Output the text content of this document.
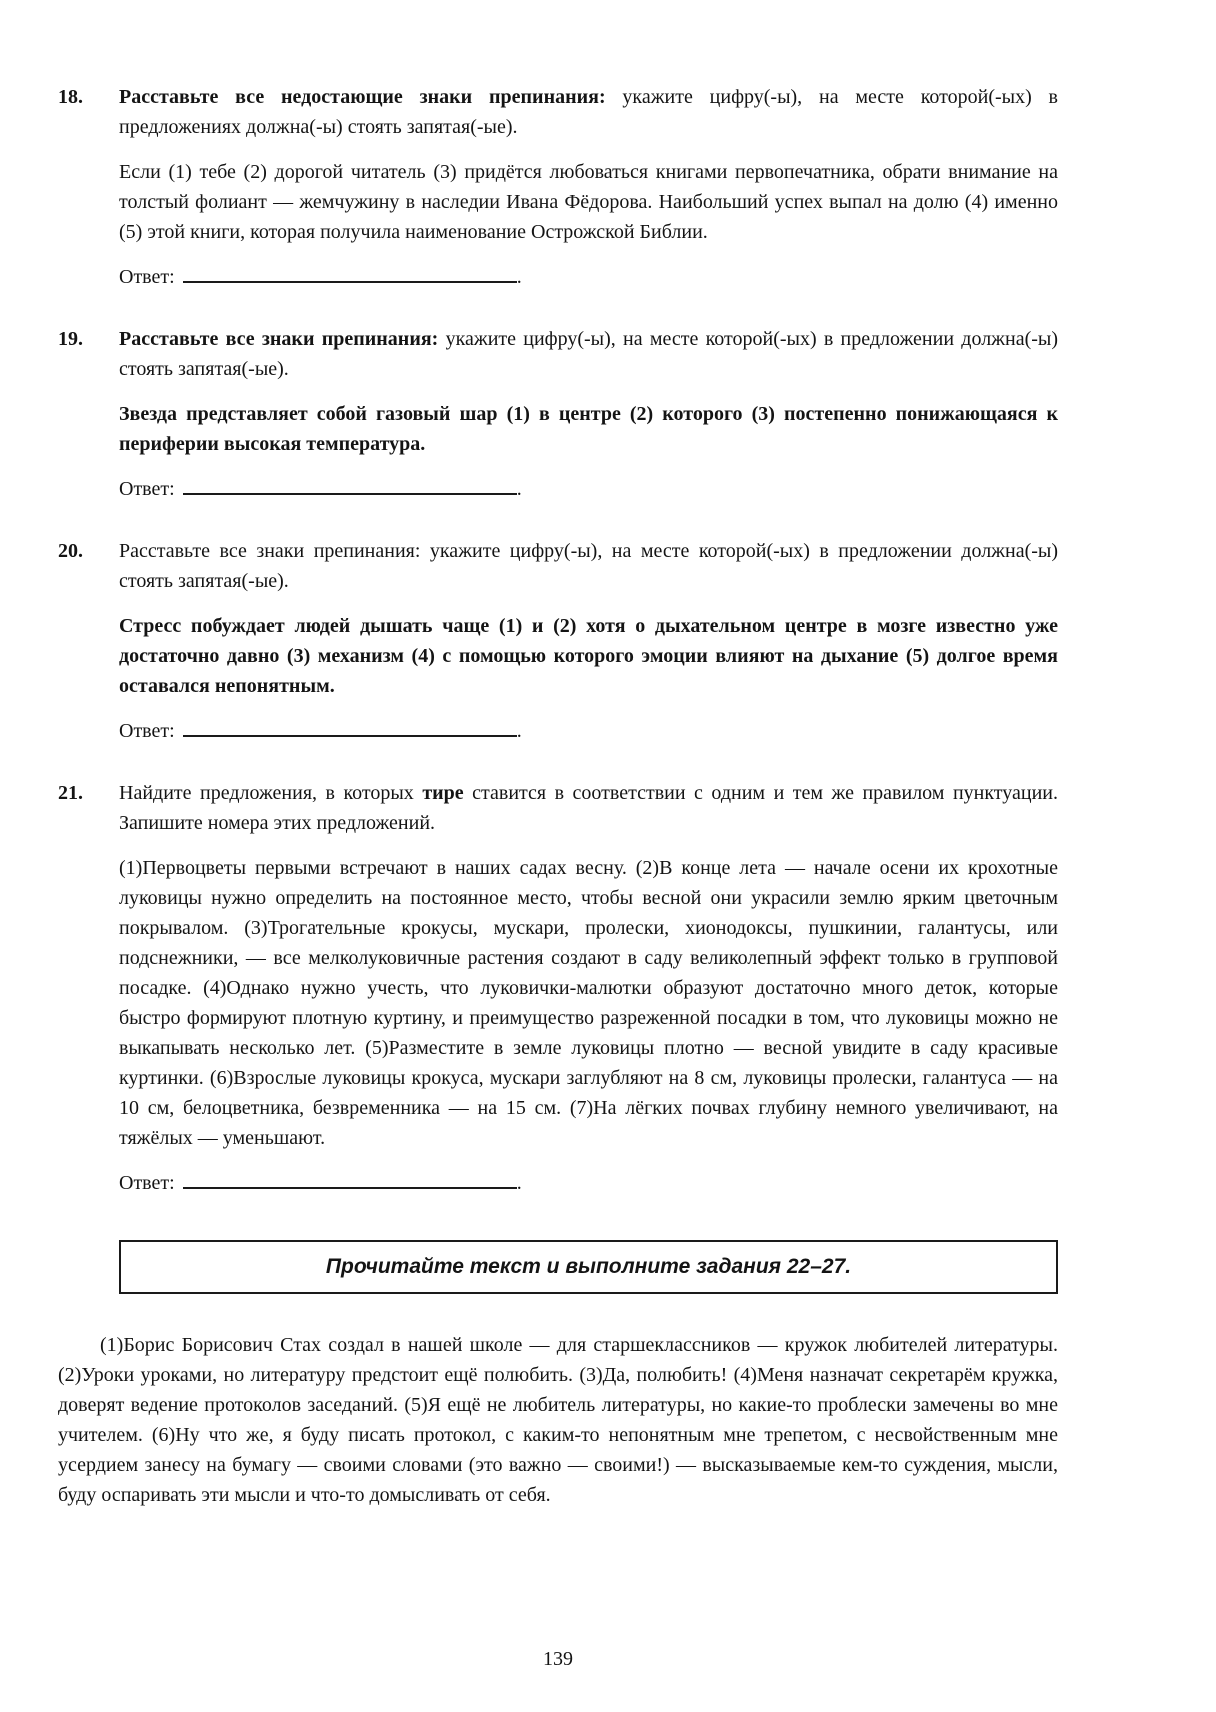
18.	Расставьте все недостающие знаки препинания: укажите цифру(-ы), на месте которой(-ых) в предложениях должна(-ы) стоять запятая(-ые).

Если (1) тебе (2) дорогой читатель (3) придётся любоваться книгами первопечатника, обрати внимание на толстый фолиант — жемчужину в наследии Ивана Фёдорова. Наибольший успех выпал на долю (4) именно (5) этой книги, которая получила наименование Острожской Библии.

Ответ:	.

19.	Расставьте все знаки препинания: укажите цифру(-ы), на месте которой(-ых) в предложении должна(-ы) стоять запятая(-ые).

Звезда представляет собой газовый шар (1) в центре (2) которого (3) постепенно понижающаяся к периферии высокая температура.

Ответ:	.

20.	Расставьте все знаки препинания: укажите цифру(-ы), на месте которой(-ых) в предложении должна(-ы) стоять запятая(-ые).

Стресс побуждает людей дышать чаще (1) и (2) хотя о дыхательном центре в мозге известно уже достаточно давно (3) механизм (4) с помощью которого эмоции влияют на дыхание (5) долгое время оставался непонятным.

Ответ:	.

21.	Найдите предложения, в которых тире ставится в соответствии с одним и тем же правилом пунктуации. Запишите номера этих предложений.

(1)Первоцветы первыми встречают в наших садах весну. (2)В конце лета — начале осени их крохотные луковицы нужно определить на постоянное место, чтобы весной они украсили землю ярким цветочным покрывалом. (3)Трогательные крокусы, мускари, пролески, хионодоксы, пушкинии, галантусы, или подснежники, — все мелколуковичные растения создают в саду великолепный эффект только в групповой посадке. (4)Однако нужно учесть, что луковички-малютки образуют достаточно много деток, которые быстро формируют плотную куртину, и преимущество разреженной посадки в том, что луковицы можно не выкапывать несколько лет. (5)Разместите в земле луковицы плотно — весной увидите в саду красивые куртинки. (6)Взрослые луковицы крокуса, мускари заглубляют на 8 см, луковицы пролески, галантуса — на 10 см, белоцветника, безвременника — на 15 см. (7)На лёгких почвах глубину немного увеличивают, на тяжёлых — уменьшают.

Ответ:	.

Прочитайте текст и выполните задания 22–27.

(1)Борис Борисович Стах создал в нашей школе — для старшеклассников — кружок любителей литературы. (2)Уроки уроками, но литературу предстоит ещё полюбить. (3)Да, полюбить! (4)Меня назначат секретарём кружка, доверят ведение протоколов заседаний. (5)Я ещё не любитель литературы, но какие-то проблески замечены во мне учителем. (6)Ну что же, я буду писать протокол, с каким-то непонятным мне трепетом, с несвойственным мне усердием занесу на бумагу — своими словами (это важно — своими!) — высказываемые кем-то суждения, мысли, буду оспаривать эти мысли и что-то домысливать от себя.

139
